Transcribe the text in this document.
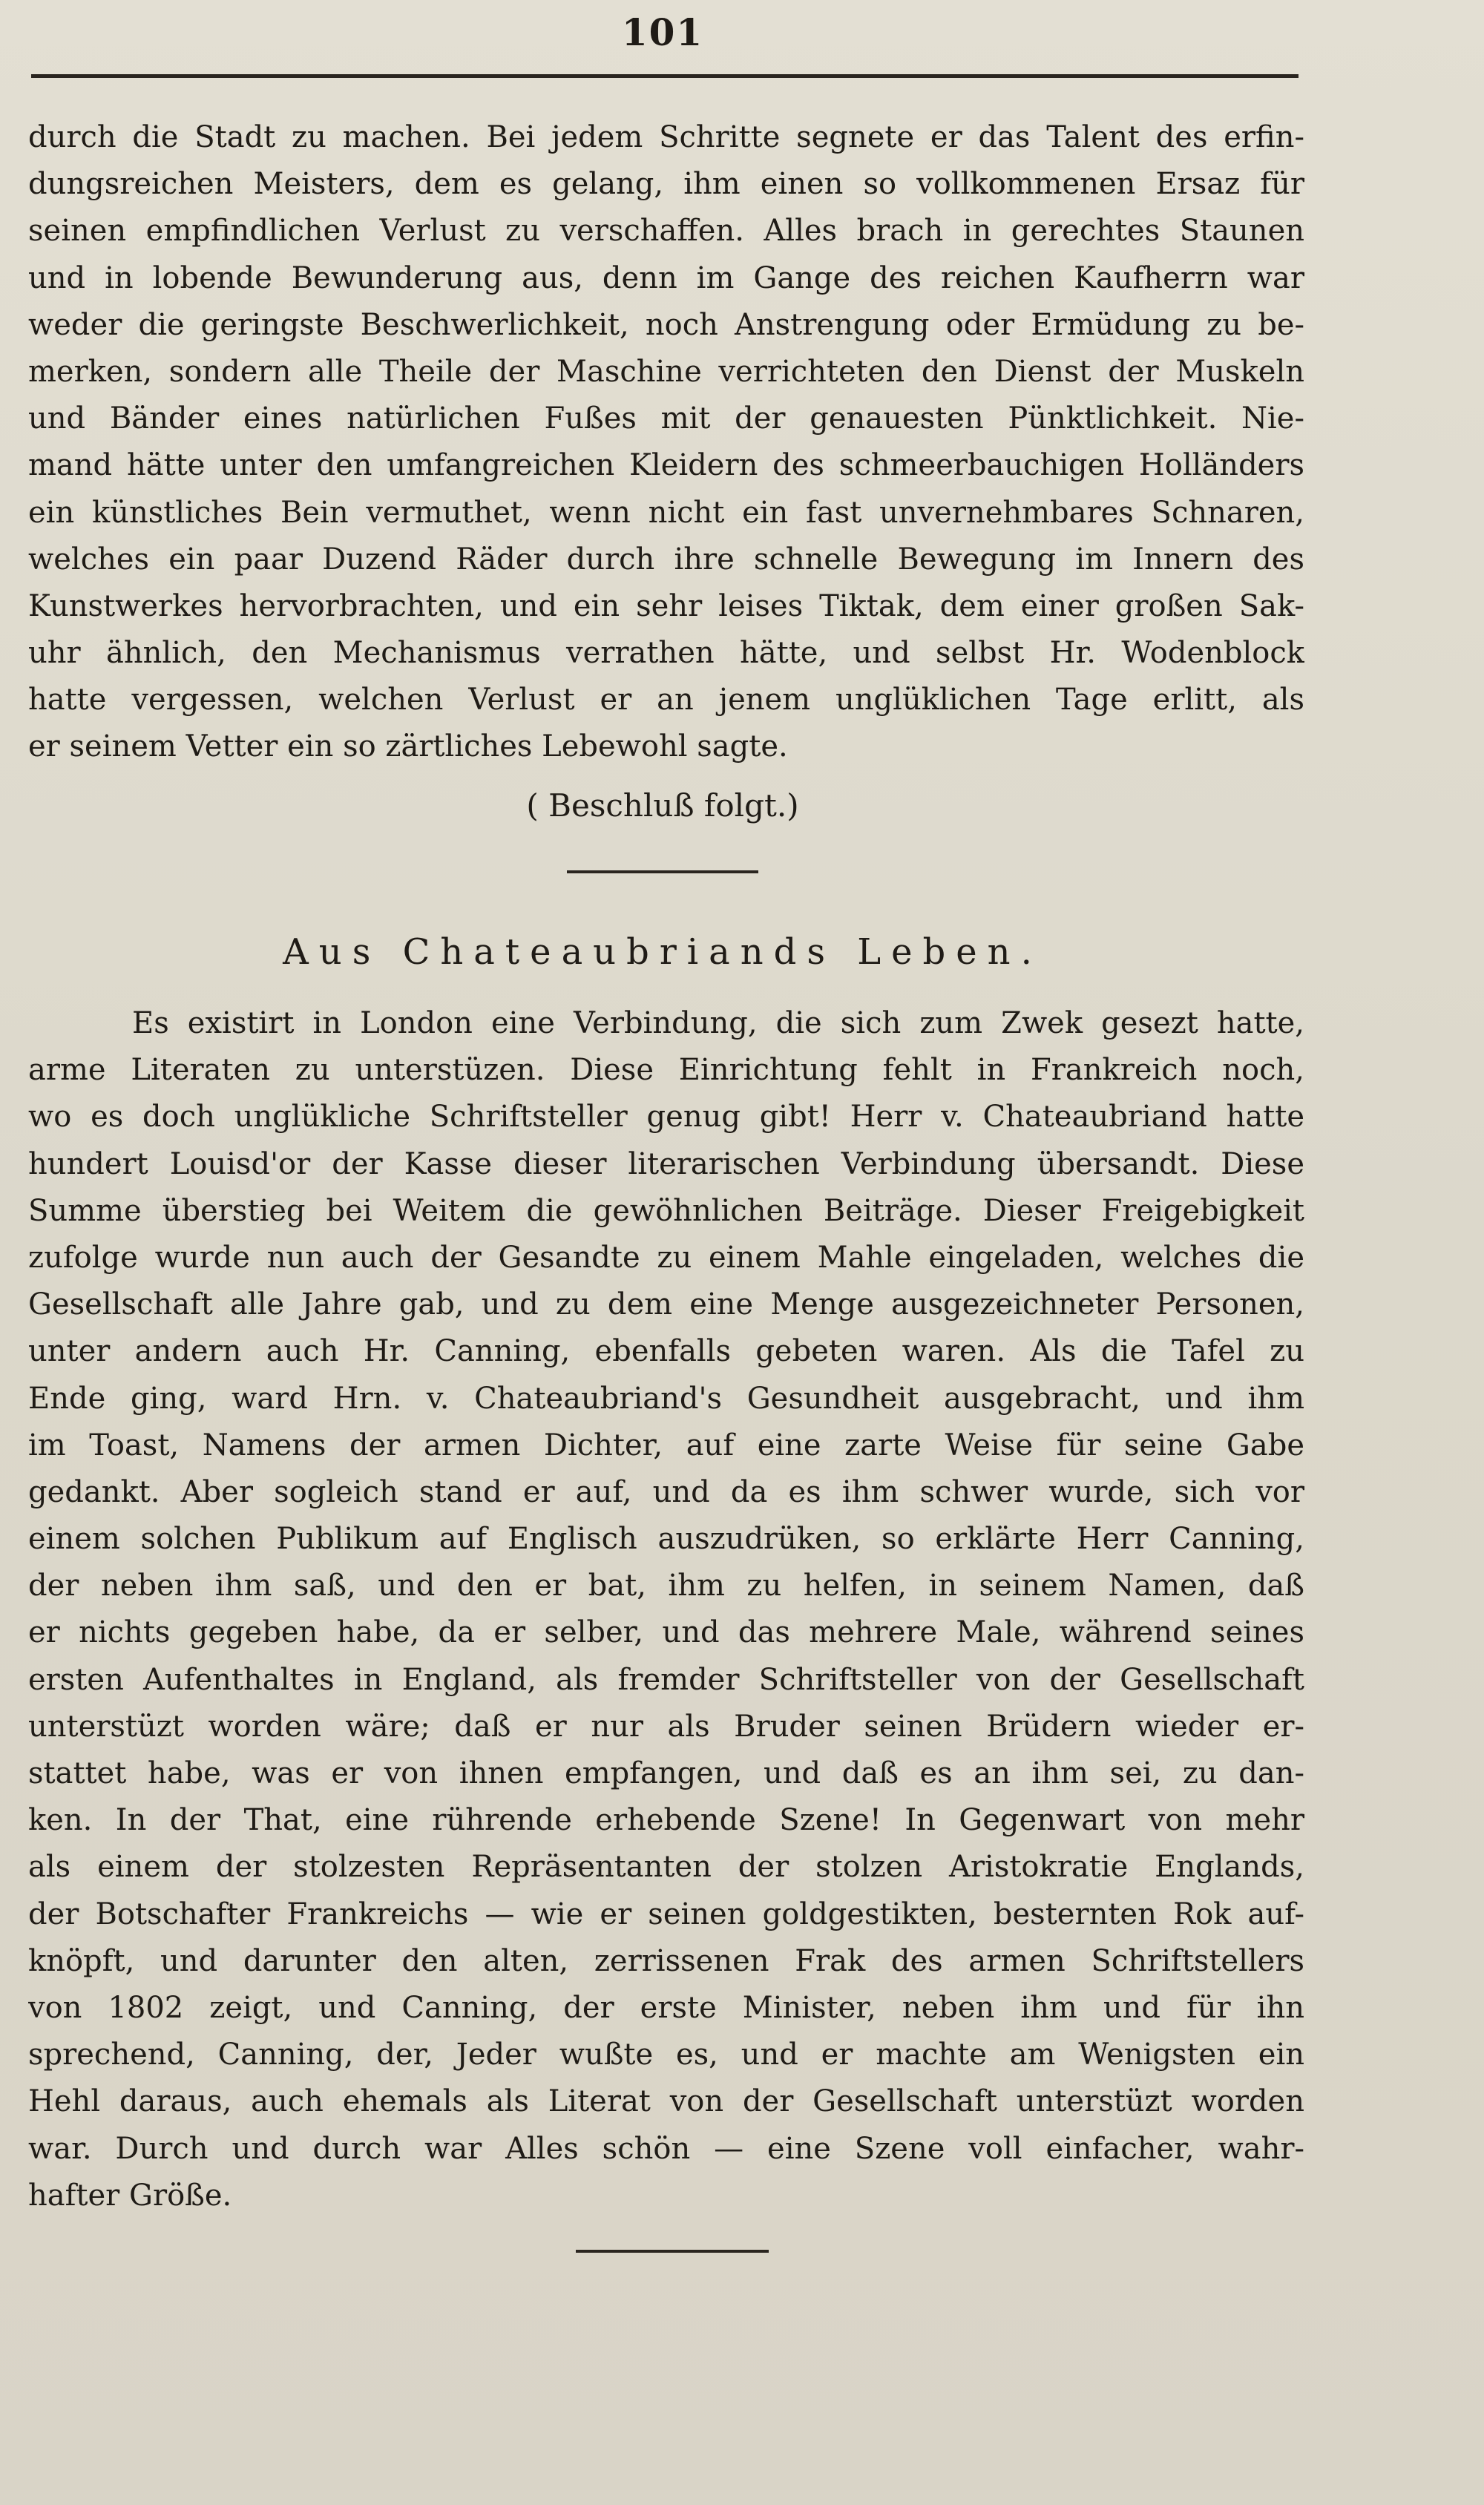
101
durch die Stadt zu machen. Bei jedem Schritte segnete er das Talent des erfin-
dungsreichen Meisters, dem es gelang, ihm einen so vollkommenen Ersaz für
seinen empfindlichen Verlust zu verschaffen. Alles brach in gerechtes Staunen
und in lobende Bewunderung aus, denn im Gange des reichen Kaufherrn war
weder die geringste Beschwerlichkeit, noch Anstrengung oder Ermüdung zu be-
merken, sondern alle Theile der Maschine verrichteten den Dienst der Muskeln
und Bänder eines natürlichen Fußes mit der genauesten Pünktlichkeit. Nie-
mand hätte unter den umfangreichen Kleidern des schmeerbauchigen Holländers
ein künstliches Bein vermuthet, wenn nicht ein fast unvernehmbares Schnaren,
welches ein paar Duzend Räder durch ihre schnelle Bewegung im Innern des
Kunstwerkes hervorbrachten, und ein sehr leises Tiktak, dem einer großen Sak-
uhr ähnlich, den Mechanismus verrathen hätte, und selbst Hr. Wodenblock
hatte vergessen, welchen Verlust er an jenem unglüklichen Tage erlitt, als
er seinem Vetter ein so zärtliches Lebewohl sagte.
( Beschluß folgt.)
Aus Chateaubriands Leben.
Es existirt in London eine Verbindung, die sich zum Zwek gesezt hatte,
arme Literaten zu unterstüzen. Diese Einrichtung fehlt in Frankreich noch,
wo es doch unglükliche Schriftsteller genug gibt! Herr v. Chateaubriand hatte
hundert Louisd'or der Kasse dieser literarischen Verbindung übersandt. Diese
Summe überstieg bei Weitem die gewöhnlichen Beiträge. Dieser Freigebigkeit
zufolge wurde nun auch der Gesandte zu einem Mahle eingeladen, welches die
Gesellschaft alle Jahre gab, und zu dem eine Menge ausgezeichneter Personen,
unter andern auch Hr. Canning, ebenfalls gebeten waren. Als die Tafel zu
Ende ging, ward Hrn. v. Chateaubriand's Gesundheit ausgebracht, und ihm
im Toast, Namens der armen Dichter, auf eine zarte Weise für seine Gabe
gedankt. Aber sogleich stand er auf, und da es ihm schwer wurde, sich vor
einem solchen Publikum auf Englisch auszudrüken, so erklärte Herr Canning,
der neben ihm saß, und den er bat, ihm zu helfen, in seinem Namen, daß
er nichts gegeben habe, da er selber, und das mehrere Male, während seines
ersten Aufenthaltes in England, als fremder Schriftsteller von der Gesellschaft
unterstüzt worden wäre; daß er nur als Bruder seinen Brüdern wieder er-
stattet habe, was er von ihnen empfangen, und daß es an ihm sei, zu dan-
ken. In der That, eine rührende erhebende Szene! In Gegenwart von mehr
als einem der stolzesten Repräsentanten der stolzen Aristokratie Englands,
der Botschafter Frankreichs — wie er seinen goldgestikten, besternten Rok auf-
knöpft, und darunter den alten, zerrissenen Frak des armen Schriftstellers
von 1802 zeigt, und Canning, der erste Minister, neben ihm und für ihn
sprechend, Canning, der, Jeder wußte es, und er machte am Wenigsten ein
Hehl daraus, auch ehemals als Literat von der Gesellschaft unterstüzt worden
war. Durch und durch war Alles schön — eine Szene voll einfacher, wahr-
hafter Größe.
